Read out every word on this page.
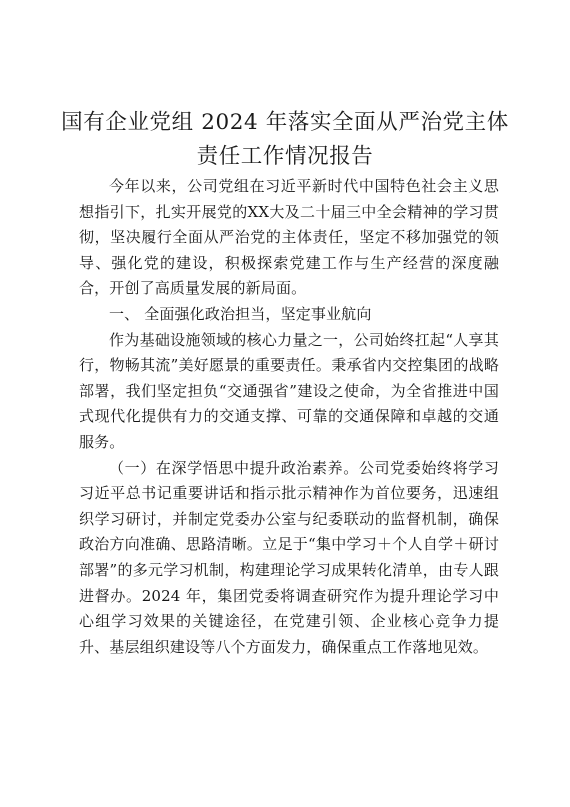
国有企业党组 2024 年落实全面从严治党主体
责任工作情况报告

今年以来，公司党组在习近平新时代中国特色社会主义思想指引下，扎实开展党的XX大及二十届三中全会精神的学习贯彻，坚决履行全面从严治党的主体责任，坚定不移加强党的领导、强化党的建设，积极探索党建工作与生产经营的深度融合，开创了高质量发展的新局面。

一、 全面强化政治担当，坚定事业航向

作为基础设施领域的核心力量之一，公司始终扛起“人享其行，物畅其流”美好愿景的重要责任。秉承省内交控集团的战略部署，我们坚定担负“交通强省”建设之使命，为全省推进中国式现代化提供有力的交通支撑、可靠的交通保障和卓越的交通服务。

（一）在深学悟思中提升政治素养。公司党委始终将学习习近平总书记重要讲话和指示批示精神作为首位要务，迅速组织学习研讨，并制定党委办公室与纪委联动的监督机制，确保政治方向准确、思路清晰。立足于“集中学习＋个人自学＋研讨部署”的多元学习机制，构建理论学习成果转化清单，由专人跟进督办。2024 年，集团党委将调查研究作为提升理论学习中心组学习效果的关键途径，在党建引领、企业核心竞争力提升、基层组织建设等八个方面发力，确保重点工作落地见效。
